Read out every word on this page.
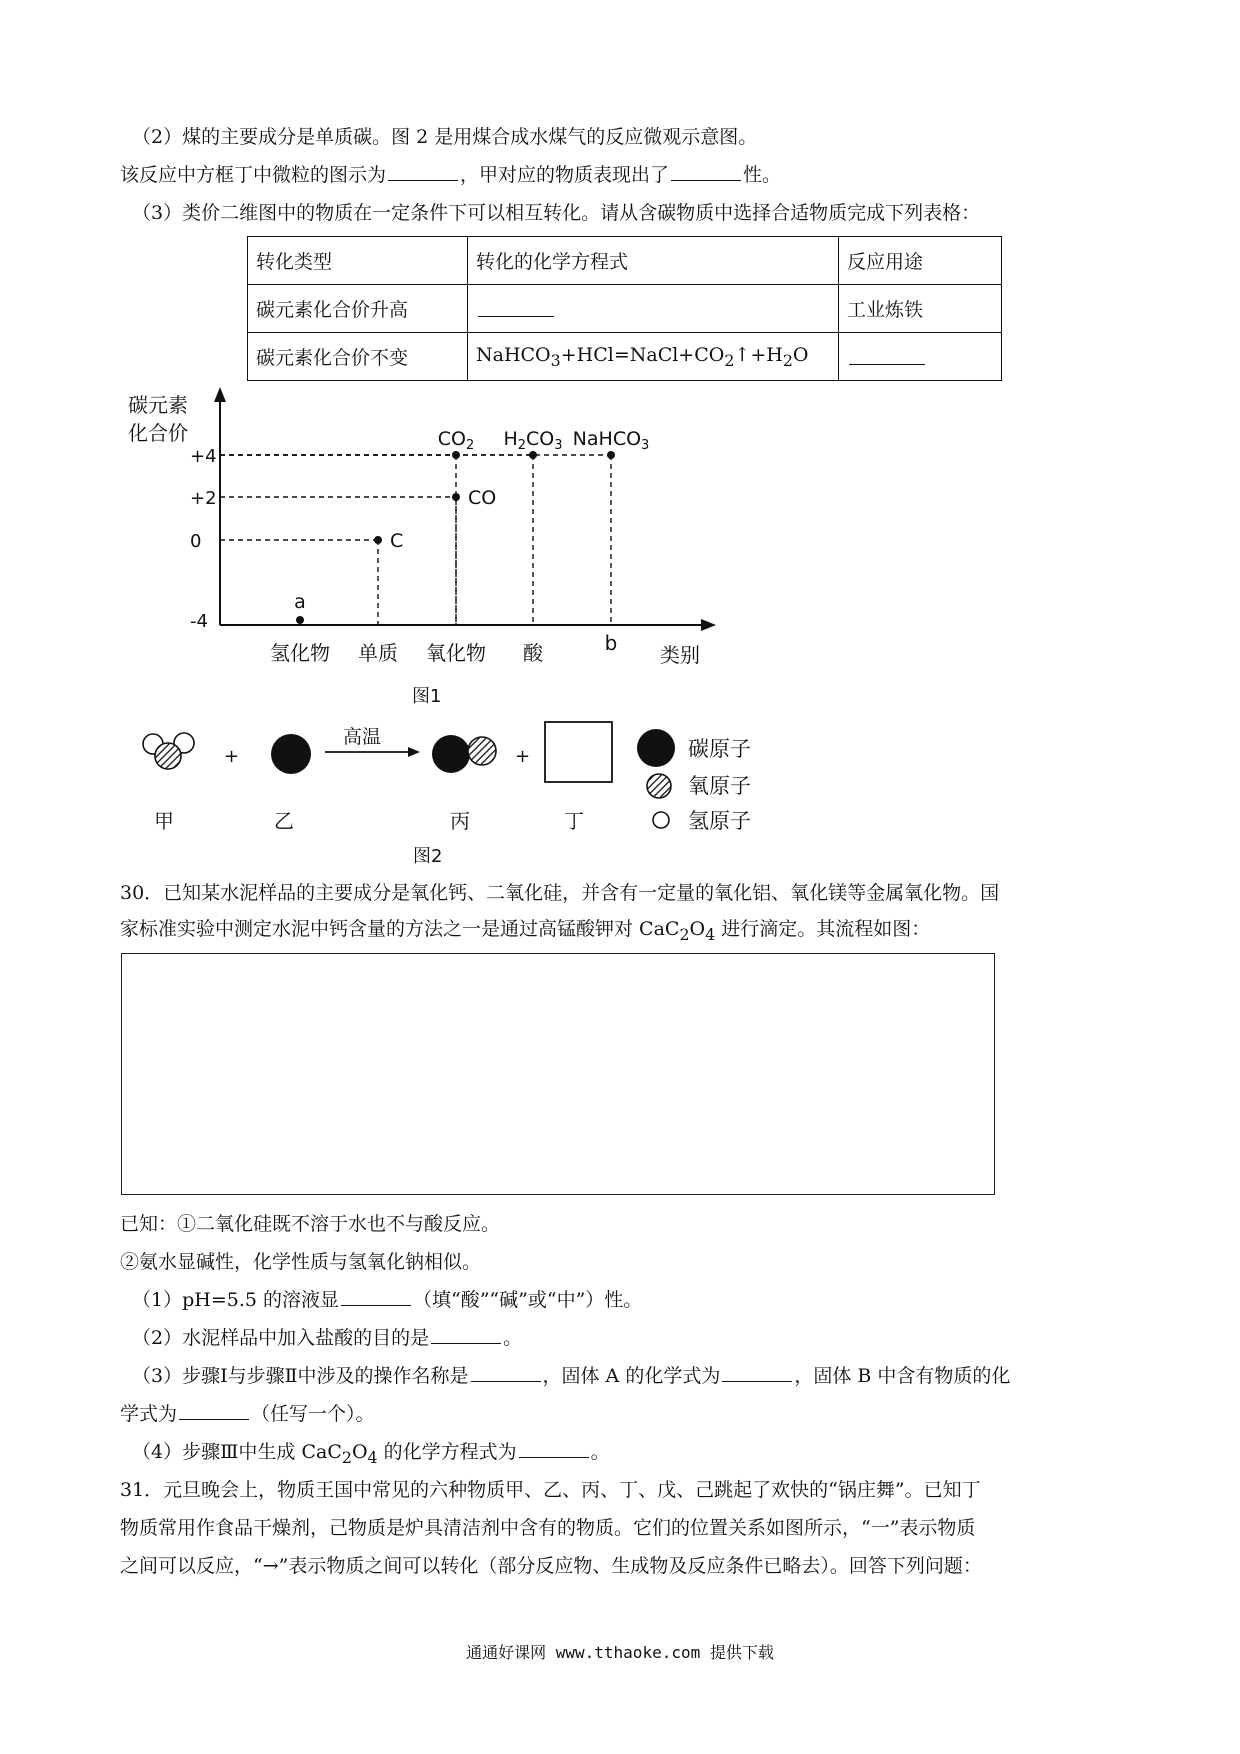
（2）煤的主要成分是单质碳。图 2 是用煤合成水煤气的反应微观示意图。
该反应中方框丁中微粒的图示为	，甲对应的物质表现出了	性。
（3）类价二维图中的物质在一定条件下可以相互转化。请从含碳物质中选择合适物质完成下列表格：
转化类型	转化的化学方程式	反应用途
碳元素化合价升高		工业炼铁
碳元素化合价不变	$NaHCO_3+HCl=NaCl+CO_2↑+H_2O$	
碳元素
化合价
类别
+4
+2
0
-4
氢化物 单质 氧化物 酸	b
a
C
CO
$CO_2$ $H_2CO_3$ NaHCO$_3$
图1
+
高温
+	碳原子
氧原子
氢原子
甲	乙	丙	丁
图2
30．已知某水泥样品的主要成分是氧化钙、二氧化硅，并含有一定量的氧化铝、氧化镁等金属氧化物。国
家标准实验中测定水泥中钙含量的方法之一是通过高锰酸钾对 $CaC_2O_4$ 进行滴定。其流程如图：
已知：①二氧化硅既不溶于水也不与酸反应。
②氨水显碱性，化学性质与氢氧化钠相似。
（1）pH=5.5 的溶液显	（填“酸”“碱”或“中”）性。
（2）水泥样品中加入盐酸的目的是	。
（3）步骤Ⅰ与步骤Ⅱ中涉及的操作名称是	，固体 A 的化学式为	，固体 B 中含有物质的化
学式为	（任写一个）。
（4）步骤Ⅲ中生成 $CaC_2O_4$ 的化学方程式为	。
31．元旦晚会上，物质王国中常见的六种物质甲、乙、丙、丁、戊、己跳起了欢快的“锅庄舞”。已知丁
物质常用作食品干燥剂，己物质是炉具清洁剂中含有的物质。它们的位置关系如图所示，“一”表示物质
之间可以反应，“→”表示物质之间可以转化（部分反应物、生成物及反应条件已略去）。回答下列问题：
通通好课网 www.tthaoke.com 提供下载
